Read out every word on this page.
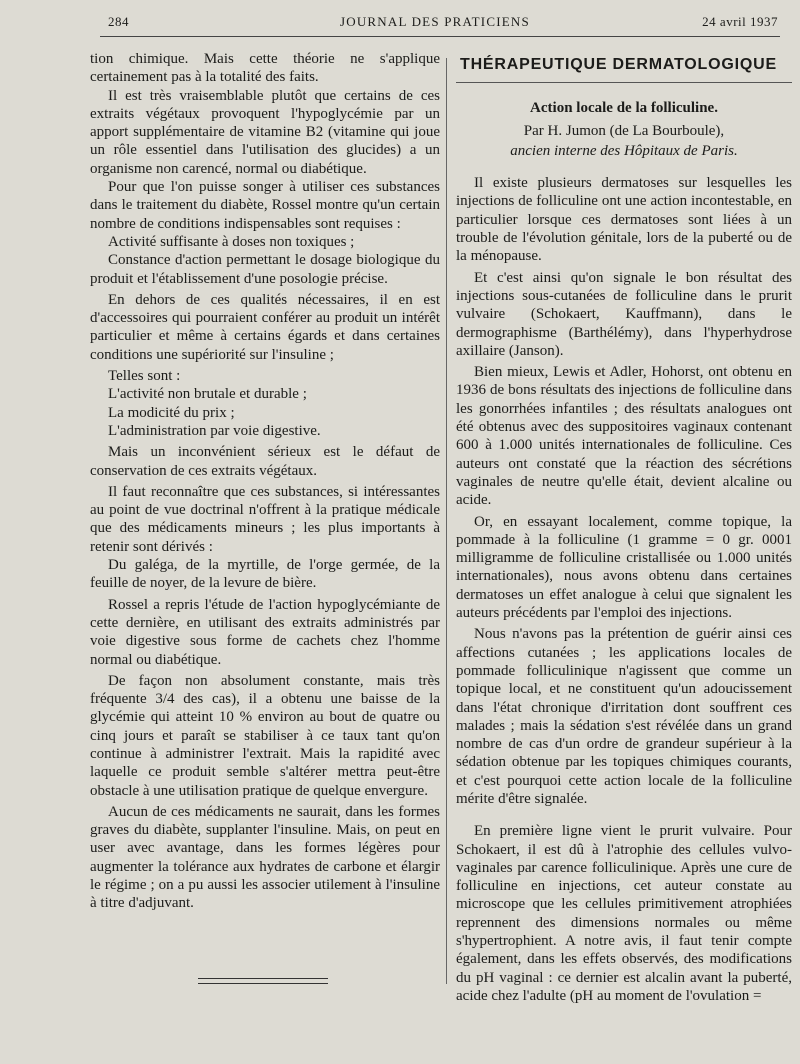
284	JOURNAL DES PRATICIENS	24 avril 1937

tion chimique. Mais cette théorie ne s'applique certainement pas à la totalité des faits.

Il est très vraisemblable plutôt que certains de ces extraits végétaux provoquent l'hypoglycémie par un apport supplémentaire de vitamine B2 (vitamine qui joue un rôle essentiel dans l'utilisation des glucides) a un organisme non carencé, normal ou diabétique.

Pour que l'on puisse songer à utiliser ces substances dans le traitement du diabète, Rossel montre qu'un certain nombre de conditions indispensables sont requises :

Activité suffisante à doses non toxiques ;

Constance d'action permettant le dosage biologique du produit et l'établissement d'une posologie précise.

En dehors de ces qualités nécessaires, il en est d'accessoires qui pourraient conférer au produit un intérêt particulier et même à certains égards et dans certaines conditions une supériorité sur l'insuline ;

Telles sont :

L'activité non brutale et durable ;

La modicité du prix ;

L'administration par voie digestive.

Mais un inconvénient sérieux est le défaut de conservation de ces extraits végétaux.

Il faut reconnaître que ces substances, si intéressantes au point de vue doctrinal n'offrent à la pratique médicale que des médicaments mineurs ; les plus importants à retenir sont dérivés :

Du galéga, de la myrtille, de l'orge germée, de la feuille de noyer, de la levure de bière.

Rossel a repris l'étude de l'action hypoglycémiante de cette dernière, en utilisant des extraits administrés par voie digestive sous forme de cachets chez l'homme normal ou diabétique.

De façon non absolument constante, mais très fréquente 3/4 des cas), il a obtenu une baisse de la glycémie qui atteint 10 % environ au bout de quatre ou cinq jours et paraît se stabiliser à ce taux tant qu'on continue à administrer l'extrait. Mais la rapidité avec laquelle ce produit semble s'altérer mettra peut-être obstacle à une utilisation pratique de quelque envergure.

Aucun de ces médicaments ne saurait, dans les formes graves du diabète, supplanter l'insuline. Mais, on peut en user avec avantage, dans les formes légères pour augmenter la tolérance aux hydrates de carbone et élargir le régime ; on a pu aussi les associer utilement à l'insuline à titre d'adjuvant.

THÉRAPEUTIQUE DERMATOLOGIQUE
Action locale de la folliculine.
Par H. Jumon (de La Bourboule),
ancien interne des Hôpitaux de Paris.

Il existe plusieurs dermatoses sur lesquelles les injections de folliculine ont une action incontestable, en particulier lorsque ces dermatoses sont liées à un trouble de l'évolution génitale, lors de la puberté ou de la ménopause.

Et c'est ainsi qu'on signale le bon résultat des injections sous-cutanées de folliculine dans le prurit vulvaire (Schokaert, Kauffmann), dans le dermographisme (Barthélémy), dans l'hyperhydrose axillaire (Janson).

Bien mieux, Lewis et Adler, Hohorst, ont obtenu en 1936 de bons résultats des injections de folliculine dans les gonorrhées infantiles ; des résultats analogues ont été obtenus avec des suppositoires vaginaux contenant 600 à 1.000 unités internationales de folliculine. Ces auteurs ont constaté que la réaction des sécrétions vaginales de neutre qu'elle était, devient alcaline ou acide.

Or, en essayant localement, comme topique, la pommade à la folliculine (1 gramme = 0 gr. 0001 milligramme de folliculine cristallisée ou 1.000 unités internationales), nous avons obtenu dans certaines dermatoses un effet analogue à celui que signalent les auteurs précédents par l'emploi des injections.

Nous n'avons pas la prétention de guérir ainsi ces affections cutanées ; les applications locales de pommade folliculinique n'agissent que comme un topique local, et ne constituent qu'un adoucissement dans l'état chronique d'irritation dont souffrent ces malades ; mais la sédation s'est révélée dans un grand nombre de cas d'un ordre de grandeur supérieur à la sédation obtenue par les topiques chimiques courants, et c'est pourquoi cette action locale de la folliculine mérite d'être signalée.

En première ligne vient le prurit vulvaire. Pour Schokaert, il est dû à l'atrophie des cellules vulvo-vaginales par carence folliculinique. Après une cure de folliculine en injections, cet auteur constate au microscope que les cellules primitivement atrophiées reprennent des dimensions normales ou même s'hypertrophient. A notre avis, il faut tenir compte également, dans les effets observés, des modifications du pH vaginal : ce dernier est alcalin avant la puberté, acide chez l'adulte (pH au moment de l'ovulation =
